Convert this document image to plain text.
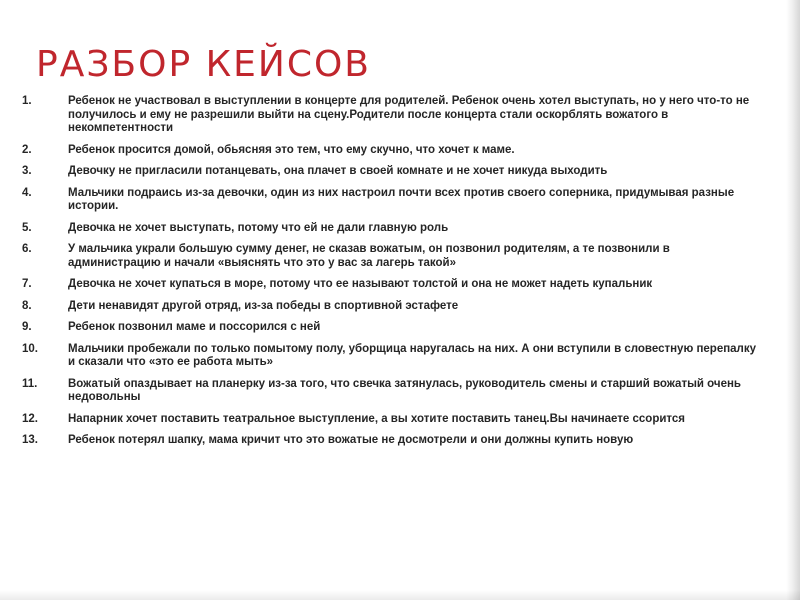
РАЗБОР КЕЙСОВ
1.	Ребенок не участвовал в выступлении в концерте для родителей. Ребенок очень хотел выступать, но у него что-то не получилось и ему не разрешили выйти на сцену.Родители после концерта стали оскорблять вожатого в некомпетентности
2.	Ребенок просится домой, обьясняя это тем, что ему скучно, что хочет к маме.
3.	Девочку не пригласили потанцевать, она плачет в своей комнате и не хочет никуда выходить
4.	Мальчики подраись из-за девочки, один из них настроил почти всех против своего соперника, придумывая разные истории.
5.	Девочка не хочет выступать, потому что ей не дали главную роль
6.	У мальчика украли большую сумму денег, не сказав вожатым, он позвонил родителям, а те позвонили в администрацию и начали «выяснять что это у вас за лагерь такой»
7.	Девочка не хочет купаться в море, потому что ее называют толстой и она не может надеть купальник
8.	Дети ненавидят другой отряд, из-за победы в спортивной эстафете
9.	Ребенок позвонил маме и поссорился с ней
10.	Мальчики пробежали по только помытому полу, уборщица наругалась на них. А они вступили в словестную перепалку и сказали что «это ее работа мыть»
11.	Вожатый опаздывает на планерку из-за того, что свечка затянулась, руководитель смены и старший вожатый очень недовольны
12.	Напарник хочет поставить театральное выступление, а вы хотите поставить танец.Вы начинаете ссорится
13.	Ребенок потерял шапку, мама кричит что это вожатые не досмотрели и они должны купить новую
